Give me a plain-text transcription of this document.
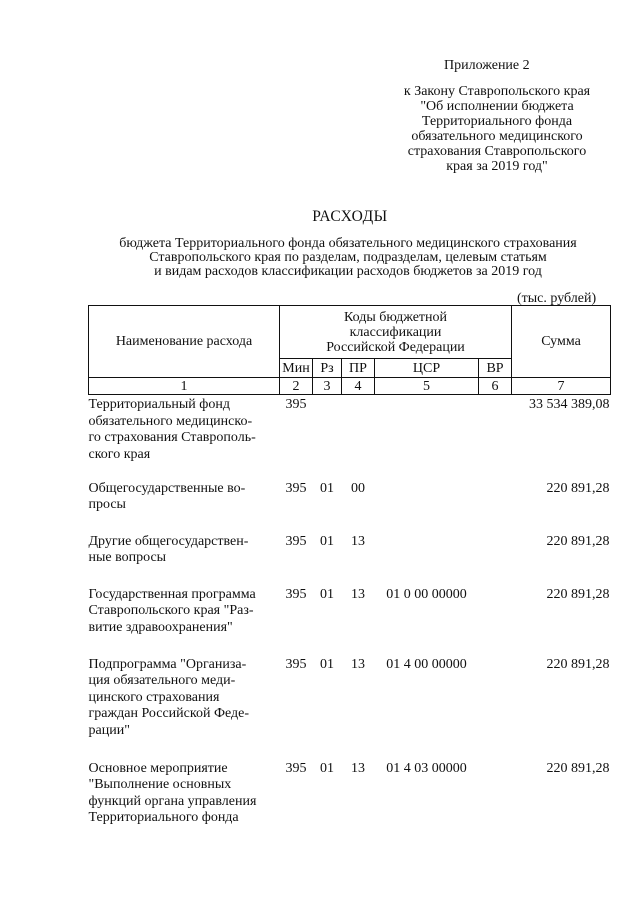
Приложение 2
к Закону Ставропольского края
"Об исполнении бюджета
Территориального фонда
обязательного медицинского
страхования Ставропольского
края за 2019 год"
РАСХОДЫ
бюджета Территориального фонда обязательного медицинского страхования
Ставропольского края по разделам, подразделам, целевым статьям
и видам расходов классификации расходов бюджетов за 2019 год
(тыс. рублей)
Наименование расхода	Коды бюджетной
классификации
Российской Федерации					Сумма
	Мин	Рз	ПР	ЦСР	ВР	
1	2	3	4	5	6	7

Территориальный фонд
обязательного медицинско-
го страхования Ставрополь-
ского края	395					33 534 389,08

Общегосударственные во-
просы	395	01	00			220 891,28

Другие общегосударствен-
ные вопросы	395	01	13			220 891,28

Государственная программа
Ставропольского края "Раз-
витие здравоохранения"	395	01	13	01 0 00 00000		220 891,28

Подпрограмма "Организа-
ция обязательного меди-
цинского страхования
граждан Российской Феде-
рации"	395	01	13	01 4 00 00000		220 891,28

Основное мероприятие
"Выполнение основных
функций органа управления
Территориального фонда	395	01	13	01 4 03 00000		220 891,28
